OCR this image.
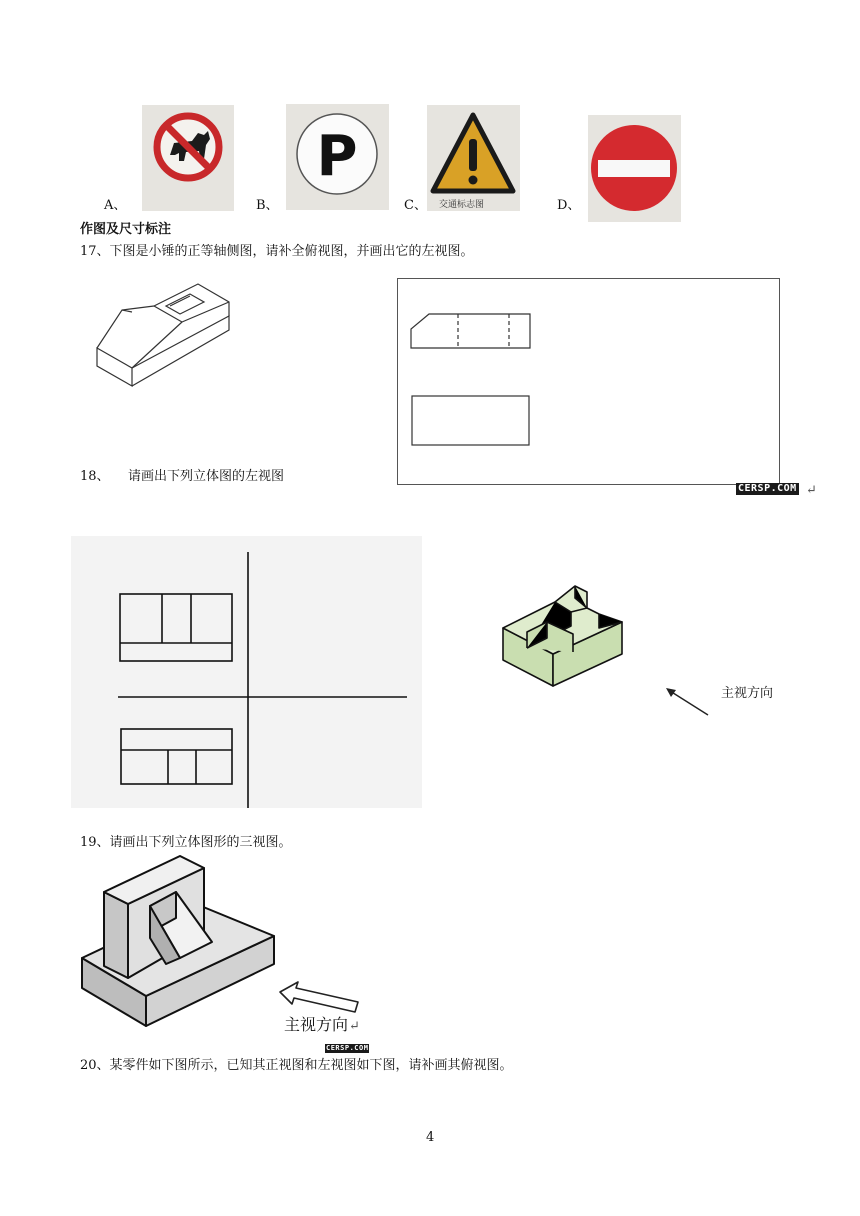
A、	B、
P
C、 交通标志图	D、
作图及尺寸标注
17、下图是小锤的正等轴侧图，请补全俯视图，并画出它的左视图。
CERSP.COM ↵
18、 请画出下列立体图的左视图
主视方向
19、请画出下列立体图形的三视图。
主视方向 ↵
CERSP.COM
20、某零件如下图所示，已知其正视图和左视图如下图，请补画其俯视图。
4
